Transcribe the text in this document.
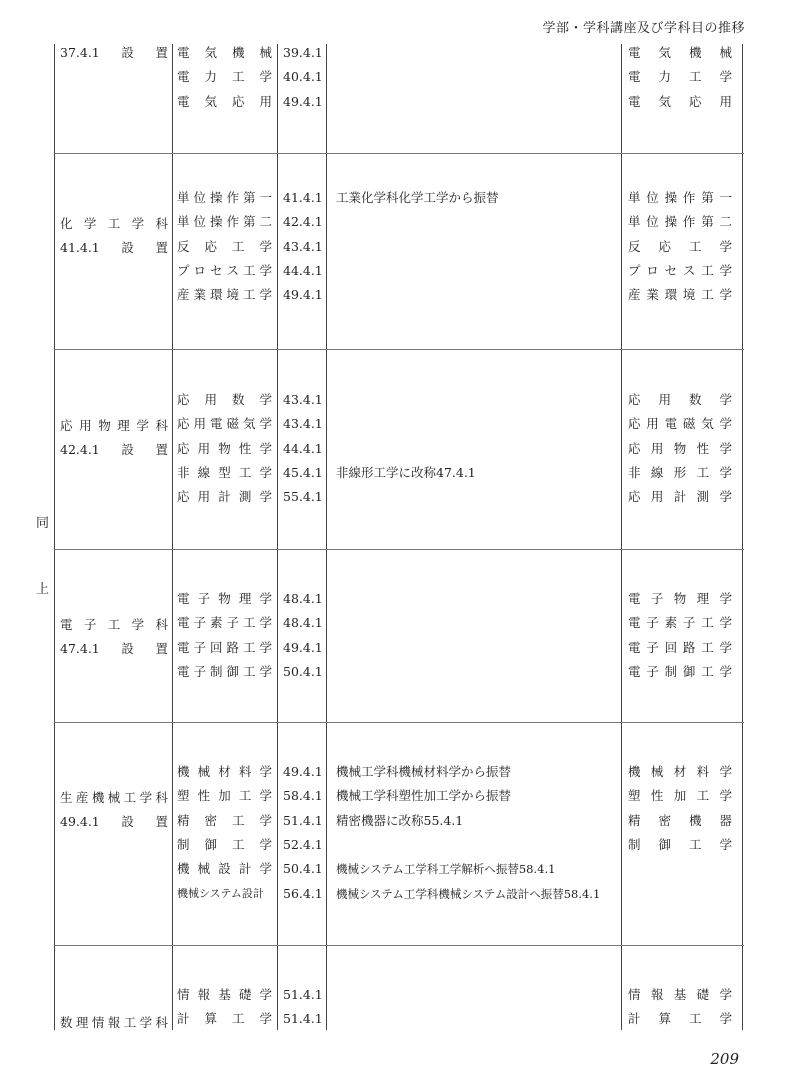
学部・学科講座及び学科目の推移
同
上
37.4.1　設　置 電気機械 39.4.1	電気機械
電力工学 40.4.1	電力工学
電気応用 49.4.1	電気応用
化学工学科
41.4.1　設　置
単位操作第一 41.4.1 工業化学科化学工学から振替	単位操作第一
単位操作第二 42.4.1	単位操作第二
反応工学 43.4.1	反応工学
プロセス工学 44.4.1	プロセス工学
産業環境工学 49.4.1	産業環境工学
応用物理学科
42.4.1　設　置
応用数学 43.4.1	応用数学
応用電磁気学 43.4.1	応用電磁気学
応用物性学 44.4.1	応用物性学
非線型工学 45.4.1 非線形工学に改称47.4.1	非線形工学
応用計測学 55.4.1	応用計測学
電子工学科
47.4.1　設　置
電子物理学 48.4.1	電子物理学
電子素子工学 48.4.1	電子素子工学
電子回路工学 49.4.1	電子回路工学
電子制御工学 50.4.1	電子制御工学
生産機械工学科
49.4.1　設　置
機械材料学 49.4.1 機械工学科機械材料学から振替	機械材料学
塑性加工学 58.4.1 機械工学科塑性加工学から振替	塑性加工学
精密工学 51.4.1 精密機器に改称55.4.1	精密機器
制御工学 52.4.1	制御工学
機械設計学 50.4.1 機械システム工学科工学解析へ振替58.4.1
機械システム設計 56.4.1 機械システム工学科機械システム設計へ振替58.4.1
数理情報工学科
情報基礎学 51.4.1	情報基礎学
計算工学 51.4.1	計算工学
209
